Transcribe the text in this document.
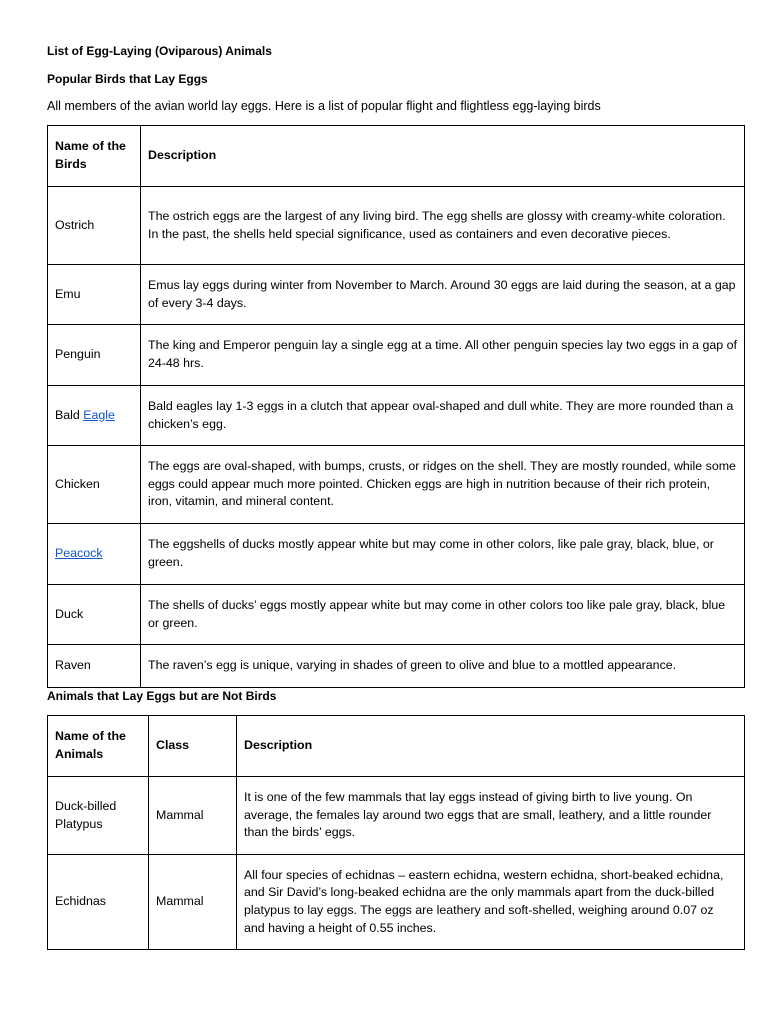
List of Egg-Laying (Oviparous) Animals
Popular Birds that Lay Eggs
All members of the avian world lay eggs. Here is a list of popular flight and flightless egg-laying birds
Name of the Birds	Description
Ostrich	The ostrich eggs are the largest of any living bird. The egg shells are glossy with creamy-white coloration. In the past, the shells held special significance, used as containers and even decorative pieces.
Emu	Emus lay eggs during winter from November to March. Around 30 eggs are laid during the season, at a gap of every 3-4 days.
Penguin	The king and Emperor penguin lay a single egg at a time. All other penguin species lay two eggs in a gap of 24-48 hrs.
Bald Eagle	Bald eagles lay 1-3 eggs in a clutch that appear oval-shaped and dull white. They are more rounded than a chicken’s egg.
Chicken	The eggs are oval-shaped, with bumps, crusts, or ridges on the shell. They are mostly rounded, while some eggs could appear much more pointed. Chicken eggs are high in nutrition because of their rich protein, iron, vitamin, and mineral content.
Peacock	The eggshells of ducks mostly appear white but may come in other colors, like pale gray, black, blue, or green.
Duck	The shells of ducks’ eggs mostly appear white but may come in other colors too like pale gray, black, blue or green.
Raven	The raven’s egg is unique, varying in shades of green to olive and blue to a mottled appearance.
Animals that Lay Eggs but are Not Birds
Name of the Animals	Class	Description
Duck-billed Platypus	Mammal	It is one of the few mammals that lay eggs instead of giving birth to live young. On average, the females lay around two eggs that are small, leathery, and a little rounder than the birds’ eggs.
Echidnas	Mammal	All four species of echidnas – eastern echidna, western echidna, short-beaked echidna, and Sir David’s long-beaked echidna are the only mammals apart from the duck-billed platypus to lay eggs. The eggs are leathery and soft-shelled, weighing around 0.07 oz and having a height of 0.55 inches.
